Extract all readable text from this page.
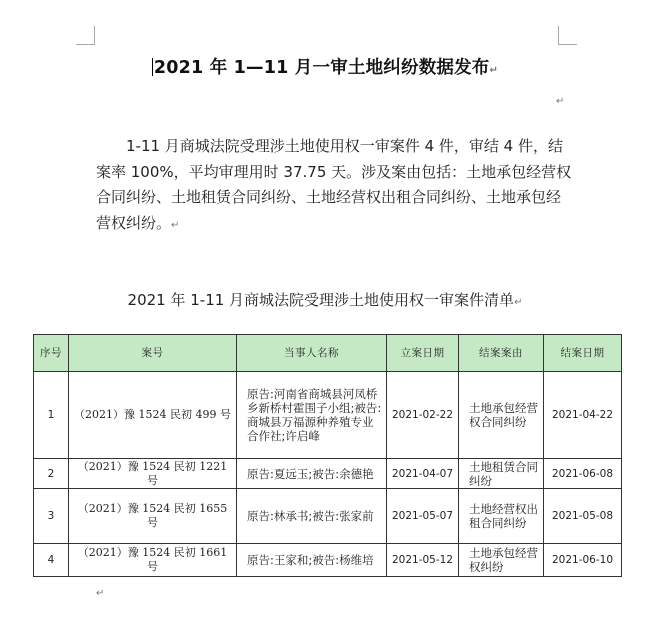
2021 年 1—11 月一审土地纠纷数据发布↵
↵
1-11 月商城法院受理涉土地使用权一审案件 4 件，审结 4 件，结案率 100%，平均审理用时 37.75 天。涉及案由包括：土地承包经营权合同纠纷、土地租赁合同纠纷、土地经营权出租合同纠纷、土地承包经营权纠纷。↵
2021 年 1-11 月商城法院受理涉土地使用权一审案件清单↵
序号	案号	当事人名称	立案日期	结案案由	结案日期
1	（2021）豫 1524 民初 499 号	原告:河南省商城县河凤桥乡新桥村霍围子小组;被告:商城县万福源种养殖专业合作社;许启峰	2021-02-22	土地承包经营权合同纠纷	2021-04-22
2	（2021）豫 1524 民初 1221 号	原告:夏远玉;被告:余德艳	2021-04-07	土地租赁合同纠纷	2021-06-08
3	（2021）豫 1524 民初 1655 号	原告:林承书;被告:张家前	2021-05-07	土地经营权出租合同纠纷	2021-05-08
4	（2021）豫 1524 民初 1661 号	原告:王家和;被告:杨维培	2021-05-12	土地承包经营权纠纷	2021-06-10
↵
